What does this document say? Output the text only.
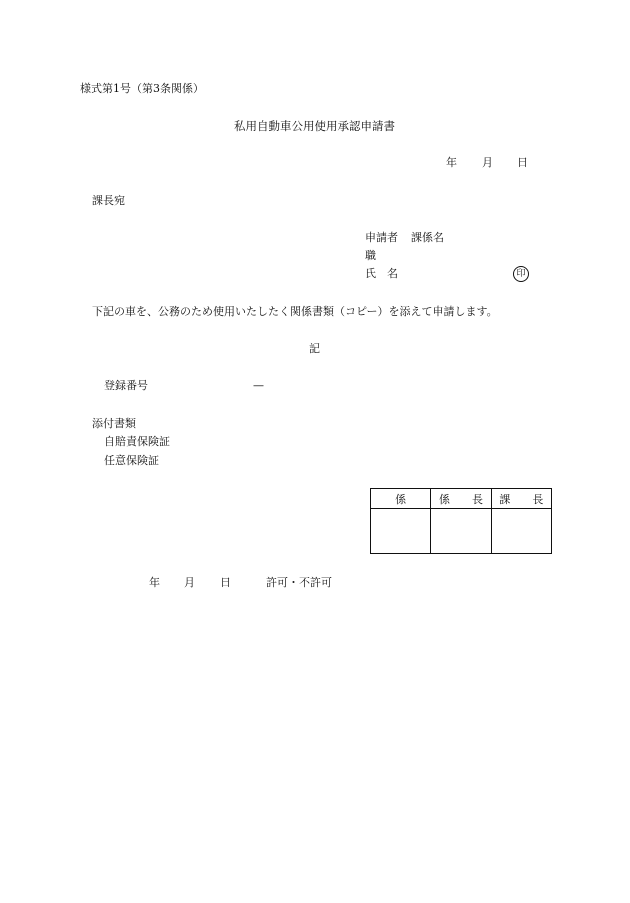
様式第1号（第3条関係）
私用自動車公用使用承認申請書
年 月 日
課長宛
申請者 課係名
職
氏　名	印
下記の車を、公務のため使用いたしたく関係書類（コピー）を添えて申請します。
記
登録番号	—
添付書類
自賠責保険証
任意保険証
係	係　　長	課　　長

年 月 日	許可・不許可
